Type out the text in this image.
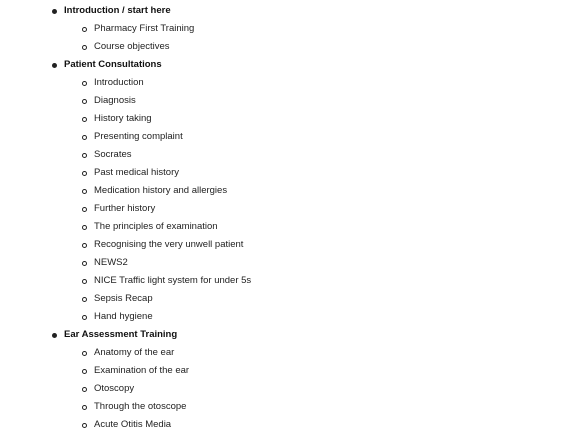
Introduction / start here
Pharmacy First Training
Course objectives
Patient Consultations
Introduction
Diagnosis
History taking
Presenting complaint
Socrates
Past medical history
Medication history and allergies
Further history
The principles of examination
Recognising the very unwell patient
NEWS2
NICE Traffic light system for under 5s
Sepsis Recap
Hand hygiene
Ear Assessment Training
Anatomy of the ear
Examination of the ear
Otoscopy
Through the otoscope
Acute Otitis Media
